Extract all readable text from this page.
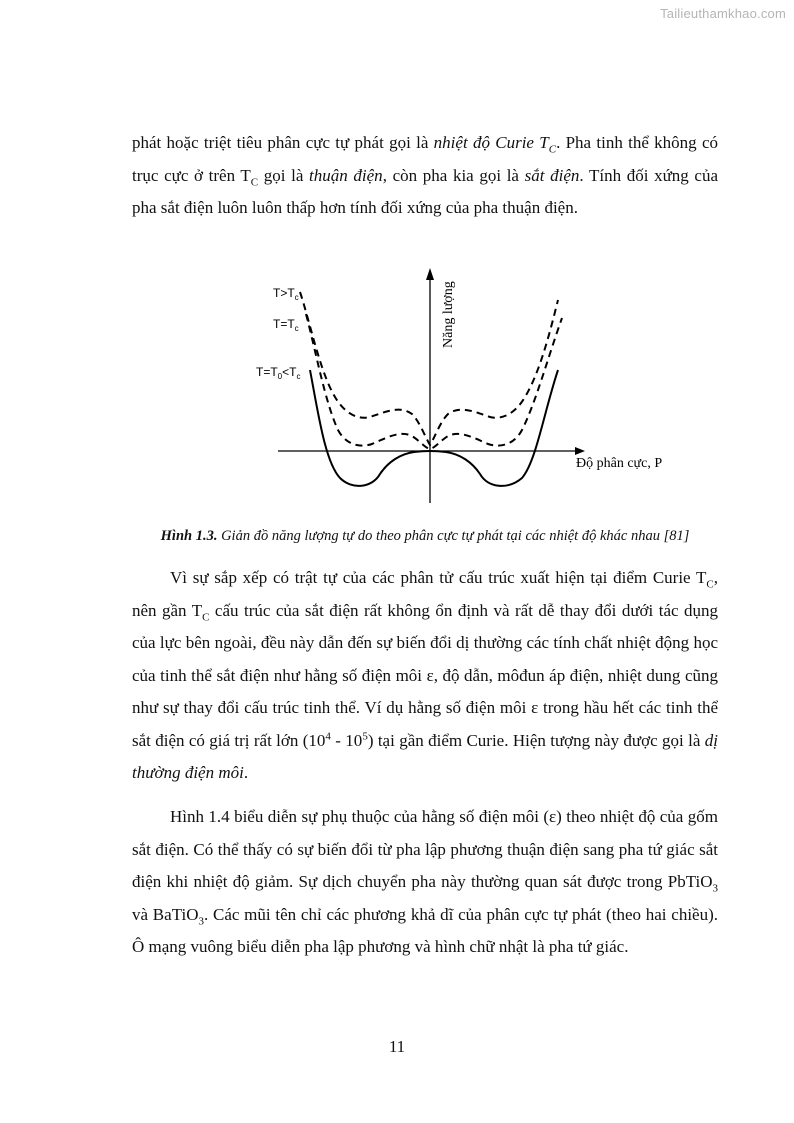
Tailieuthamkhao.com

phát hoặc triệt tiêu phân cực tự phát gọi là nhiệt độ Curie $T_C$. Pha tinh thể không có trục cực ở trên $T_C$ gọi là thuận điện, còn pha kia gọi là sắt điện. Tính đối xứng của pha sắt điện luôn luôn thấp hơn tính đối xứng của pha thuận điện.

$T>T_c$
$T=T_c$
$T=T_0<T_c$
Năng lượng
Độ phân cực, P
Hình 1.3. Giản đồ năng lượng tự do theo phân cực tự phát tại các nhiệt độ khác nhau [81]

Vì sự sắp xếp có trật tự của các phân tử cấu trúc xuất hiện tại điểm Curie $T_C$, nên gần $T_C$ cấu trúc của sắt điện rất không ổn định và rất dễ thay đổi dưới tác dụng của lực bên ngoài, đều này dẫn đến sự biến đổi dị thường các tính chất nhiệt động học của tinh thể sắt điện như hằng số điện môi ε, độ dẫn, môđun áp điện, nhiệt dung cũng như sự thay đổi cấu trúc tinh thể. Ví dụ hằng số điện môi ε trong hầu hết các tinh thể sắt điện có giá trị rất lớn $(10^4 - 10^5)$ tại gần điểm Curie. Hiện tượng này được gọi là dị thường điện môi.

Hình 1.4 biểu diễn sự phụ thuộc của hằng số điện môi (ε) theo nhiệt độ của gốm sắt điện. Có thể thấy có sự biến đổi từ pha lập phương thuận điện sang pha tứ giác sắt điện khi nhiệt độ giảm. Sự dịch chuyển pha này thường quan sát được trong PbTiO$_3$ và BaTiO$_3$. Các mũi tên chỉ các phương khả dĩ của phân cực tự phát (theo hai chiều). Ô mạng vuông biểu diễn pha lập phương và hình chữ nhật là pha tứ giác.

11
